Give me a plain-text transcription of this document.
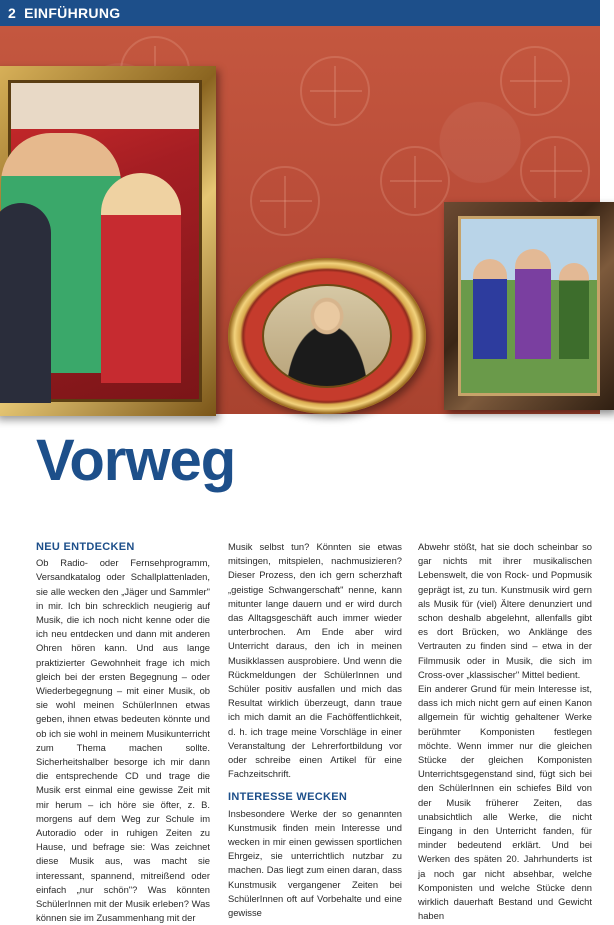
2 EINFÜHRUNG
Vorweg
NEU ENTDECKEN

Ob Radio- oder Fernsehprogramm, Versandkatalog oder Schallplattenladen, sie alle wecken den „Jäger und Sammler" in mir. Ich bin schrecklich neugierig auf Musik, die ich noch nicht kenne oder die ich neu entdecken und dann mit anderen Ohren hören kann. Und aus lange praktizierter Gewohnheit frage ich mich gleich bei der ersten Begegnung – oder Wiederbegegnung – mit einer Musik, ob sie wohl meinen SchülerInnen etwas geben, ihnen etwas bedeuten könnte und ob ich sie wohl in meinem Musikunterricht zum Thema machen sollte. Sicherheitshalber besorge ich mir dann die entsprechende CD und trage die Musik erst einmal eine gewisse Zeit mit mir herum – ich höre sie öfter, z. B. morgens auf dem Weg zur Schule im Autoradio oder in ruhigen Zeiten zu Hause, und befrage sie: Was zeichnet diese Musik aus, was macht sie interessant, spannend, mitreißend oder einfach „nur schön"? Was könnten SchülerInnen mit der Musik erleben? Was können sie im Zusammenhang mit der

Musik selbst tun? Könnten sie etwas mitsingen, mitspielen, nachmusizieren? Dieser Prozess, den ich gern scherzhaft „geistige Schwangerschaft" nenne, kann mitunter lange dauern und er wird durch das Alltagsgeschäft auch immer wieder unterbrochen. Am Ende aber wird Unterricht daraus, den ich in meinen Musikklassen ausprobiere. Und wenn die Rückmeldungen der SchülerInnen und Schüler positiv ausfallen und mich das Resultat wirklich überzeugt, dann traue ich mich damit an die Fachöffentlichkeit, d. h. ich trage meine Vorschläge in einer Veranstaltung der Lehrerfortbildung vor oder schreibe einen Artikel für eine Fachzeitschrift.

INTERESSE WECKEN

Insbesondere Werke der so genannten Kunstmusik finden mein Interesse und wecken in mir einen gewissen sportlichen Ehrgeiz, sie unterrichtlich nutzbar zu machen. Das liegt zum einen daran, dass Kunstmusik vergangener Zeiten bei SchülerInnen oft auf Vorbehalte und eine gewisse

Abwehr stößt, hat sie doch scheinbar so gar nichts mit ihrer musikalischen Lebenswelt, die von Rock- und Popmusik geprägt ist, zu tun. Kunstmusik wird gern als Musik für (viel) Ältere denunziert und schon deshalb abgelehnt, allenfalls gibt es dort Brücken, wo Anklänge des Vertrauten zu finden sind – etwa in der Filmmusik oder in Musik, die sich im Cross-over „klassischer" Mittel bedient.

Ein anderer Grund für mein Interesse ist, dass ich mich nicht gern auf einen Kanon allgemein für wichtig gehaltener Werke berühmter Komponisten festlegen möchte. Wenn immer nur die gleichen Stücke der gleichen Komponisten Unterrichtsgegenstand sind, fügt sich bei den SchülerInnen ein schiefes Bild von der Musik früherer Zeiten, das unabsichtlich alle Werke, die nicht Eingang in den Unterricht fanden, für minder bedeutend erklärt. Und bei Werken des späten 20. Jahrhunderts ist ja noch gar nicht absehbar, welche Komponisten und welche Stücke denn wirklich dauerhaft Bestand und Gewicht haben
